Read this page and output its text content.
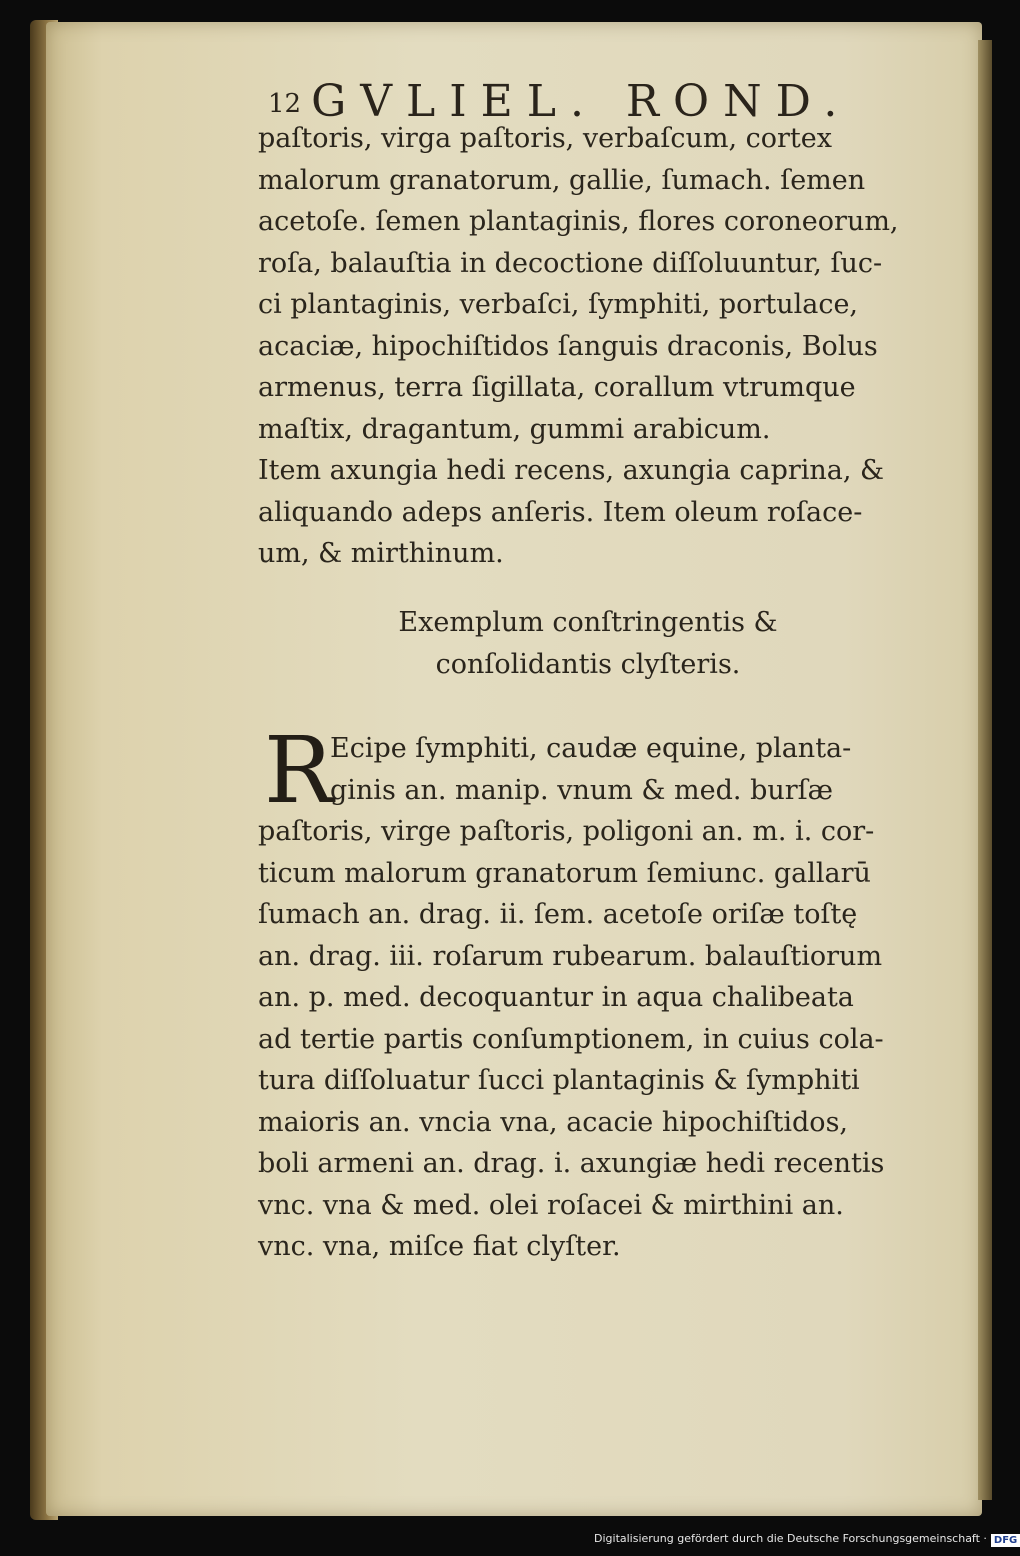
12 GVLIEL. ROND.
paſtoris, virga paſtoris, verbaſcum, cortex
malorum granatorum, gallie, ſumach. ſemen
acetoſe. ſemen plantaginis, flores coroneorum,
roſa, balauſtia in decoctione diſſoluuntur, ſuc-
ci plantaginis, verbaſci, ſymphiti, portulace,
acaciæ, hipochiſtidos ſanguis draconis, Bolus
armenus, terra ſigillata, corallum vtrumque
maſtix, dragantum, gummi arabicum.
Item axungia hedi recens, axungia caprina, &
aliquando adeps anſeris. Item oleum roſace-
um, & mirthinum.
Exemplum conſtringentis &
conſolidantis clyſteris.
R
Ecipe ſymphiti, caudæ equine, planta-
ginis an. manip. vnum & med. burſæ
paſtoris, virge paſtoris, poligoni an. m. i. cor-
ticum malorum granatorum ſemiunc. gallarū
ſumach an. drag. ii. ſem. acetoſe oriſæ toſtę
an. drag. iii. roſarum rubearum. balauſtiorum
an. p. med. decoquantur in aqua chalibeata
ad tertie partis conſumptionem, in cuius cola-
tura diſſoluatur ſucci plantaginis & ſymphiti
maioris an. vncia vna, acacie hipochiſtidos,
boli armeni an. drag. i. axungiæ hedi recentis
vnc. vna & med. olei roſacei & mirthini an.
vnc. vna, miſce fiat clyſter.
Digitalisierung gefördert durch die Deutsche Forschungsgemeinschaft · DFG
